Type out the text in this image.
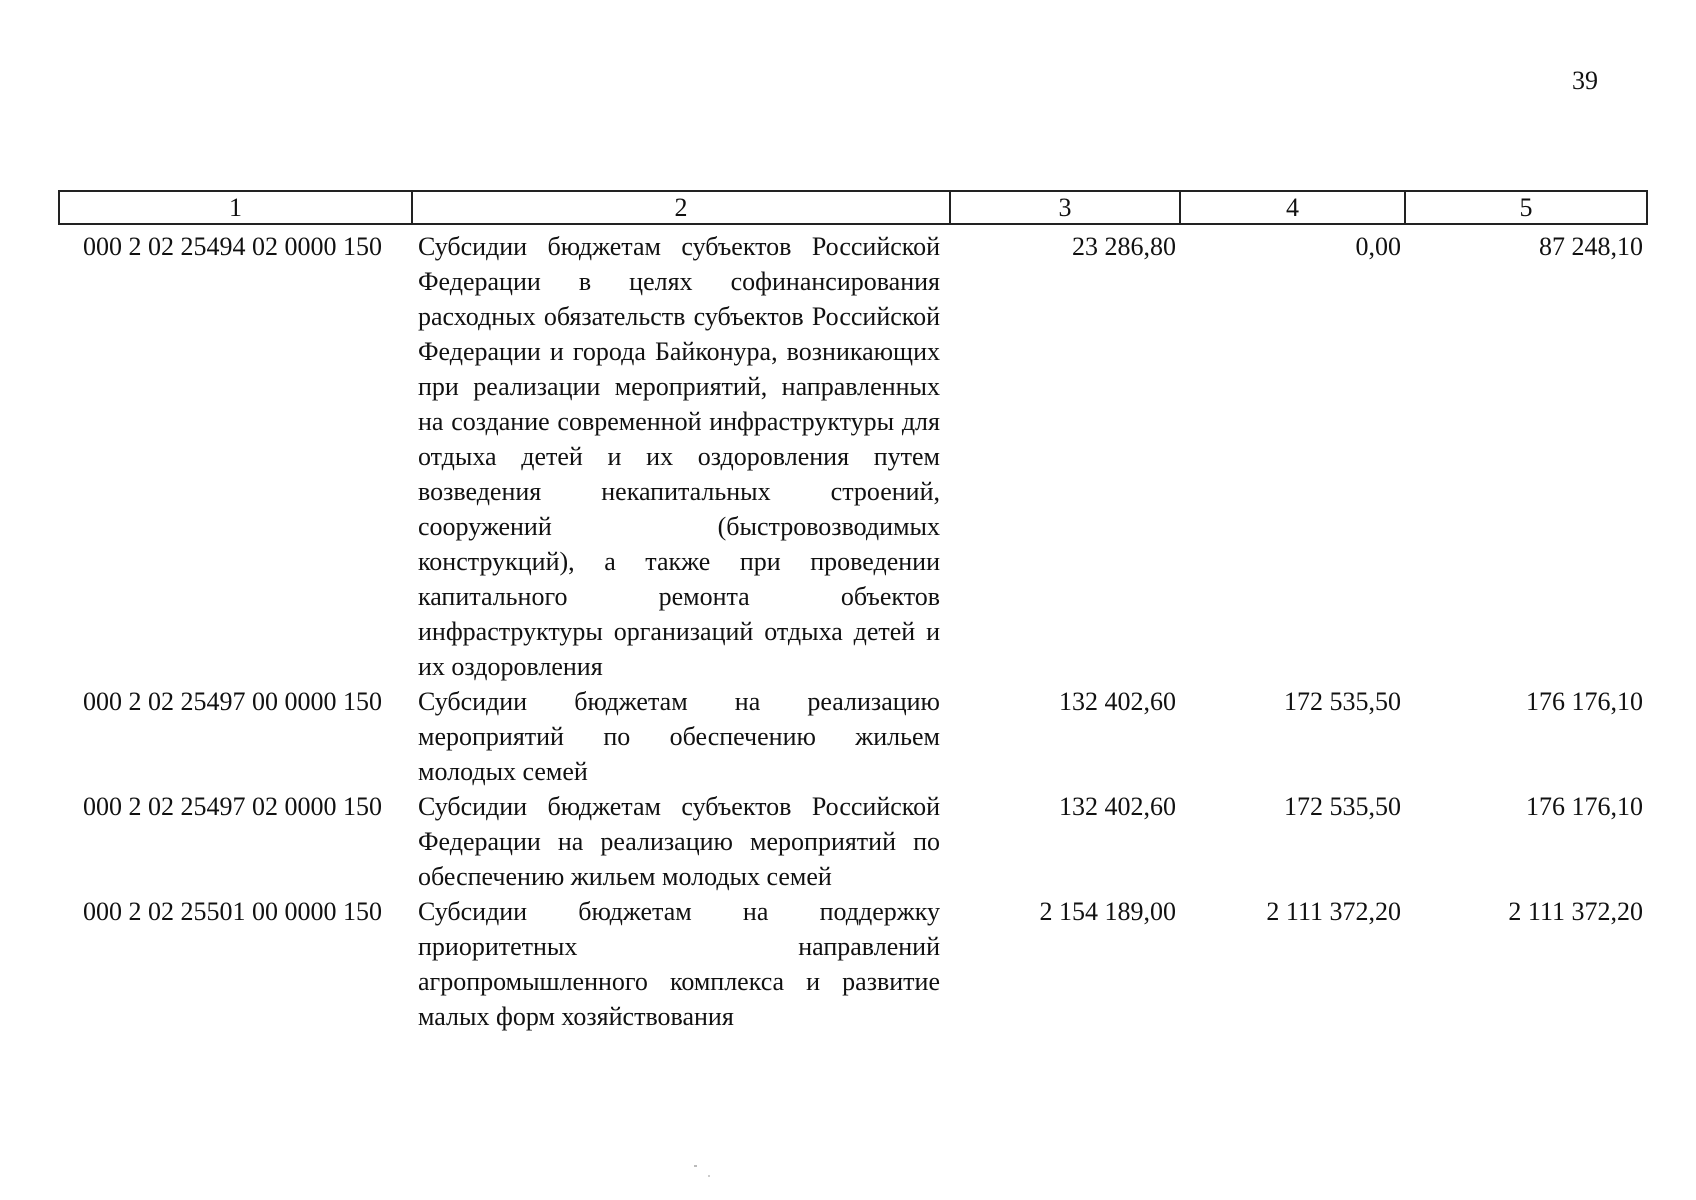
39
1	2	3	4	5
000 2 02 25494 02 0000 150	Субсидии бюджетам субъектов Российской Федерации в целях софинансирования расходных обязательств субъектов Российской Федерации и города Байконура, возникающих при реализации мероприятий, направленных на создание современной инфраструктуры для отдыха детей и их оздоровления путем возведения некапитальных строений, сооружений (быстровозводимых конструкций), а также при проведении капитального ремонта объектов инфраструктуры организаций отдыха детей и их оздоровления	23 286,80	0,00	87 248,10
000 2 02 25497 00 0000 150	Субсидии бюджетам на реализацию мероприятий по обеспечению жильем молодых семей	132 402,60	172 535,50	176 176,10
000 2 02 25497 02 0000 150	Субсидии бюджетам субъектов Российской Федерации на реализацию мероприятий по обеспечению жильем молодых семей	132 402,60	172 535,50	176 176,10
000 2 02 25501 00 0000 150	Субсидии бюджетам на поддержку приоритетных направлений агропромышленного комплекса и развитие малых форм хозяйствования	2 154 189,00	2 111 372,20	2 111 372,20
